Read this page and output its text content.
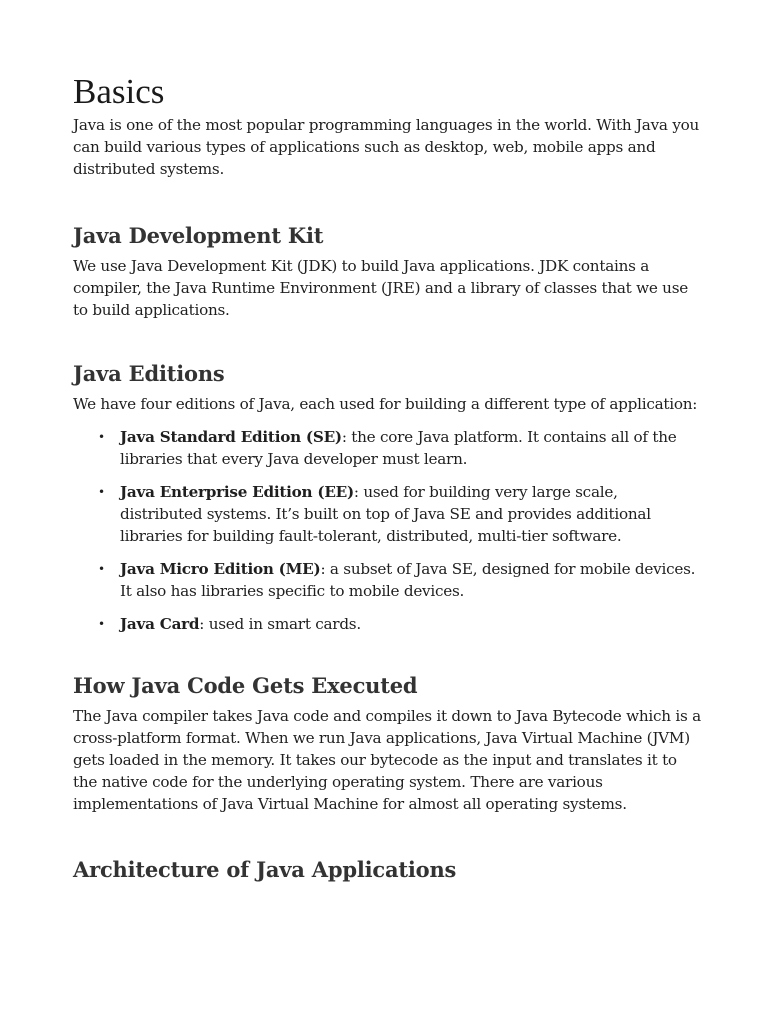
Basics

Java is one of the most popular programming languages in the world. With Java you can build various types of applications such as desktop, web, mobile apps and distributed systems.

Java Development Kit

We use Java Development Kit (JDK) to build Java applications. JDK contains a compiler, the Java Runtime Environment (JRE) and a library of classes that we use to build applications.

Java Editions

We have four editions of Java, each used for building a different type of application:

• Java Standard Edition (SE): the core Java platform. It contains all of the libraries that every Java developer must learn.
• Java Enterprise Edition (EE): used for building very large scale, distributed systems. It’s built on top of Java SE and provides additional libraries for building fault-tolerant, distributed, multi-tier software.
• Java Micro Edition (ME): a subset of Java SE, designed for mobile devices. It also has libraries specific to mobile devices.
• Java Card: used in smart cards.
How Java Code Gets Executed

The Java compiler takes Java code and compiles it down to Java Bytecode which is a cross-platform format. When we run Java applications, Java Virtual Machine (JVM) gets loaded in the memory. It takes our bytecode as the input and translates it to the native code for the underlying operating system. There are various implementations of Java Virtual Machine for almost all operating systems.

Architecture of Java Applications
